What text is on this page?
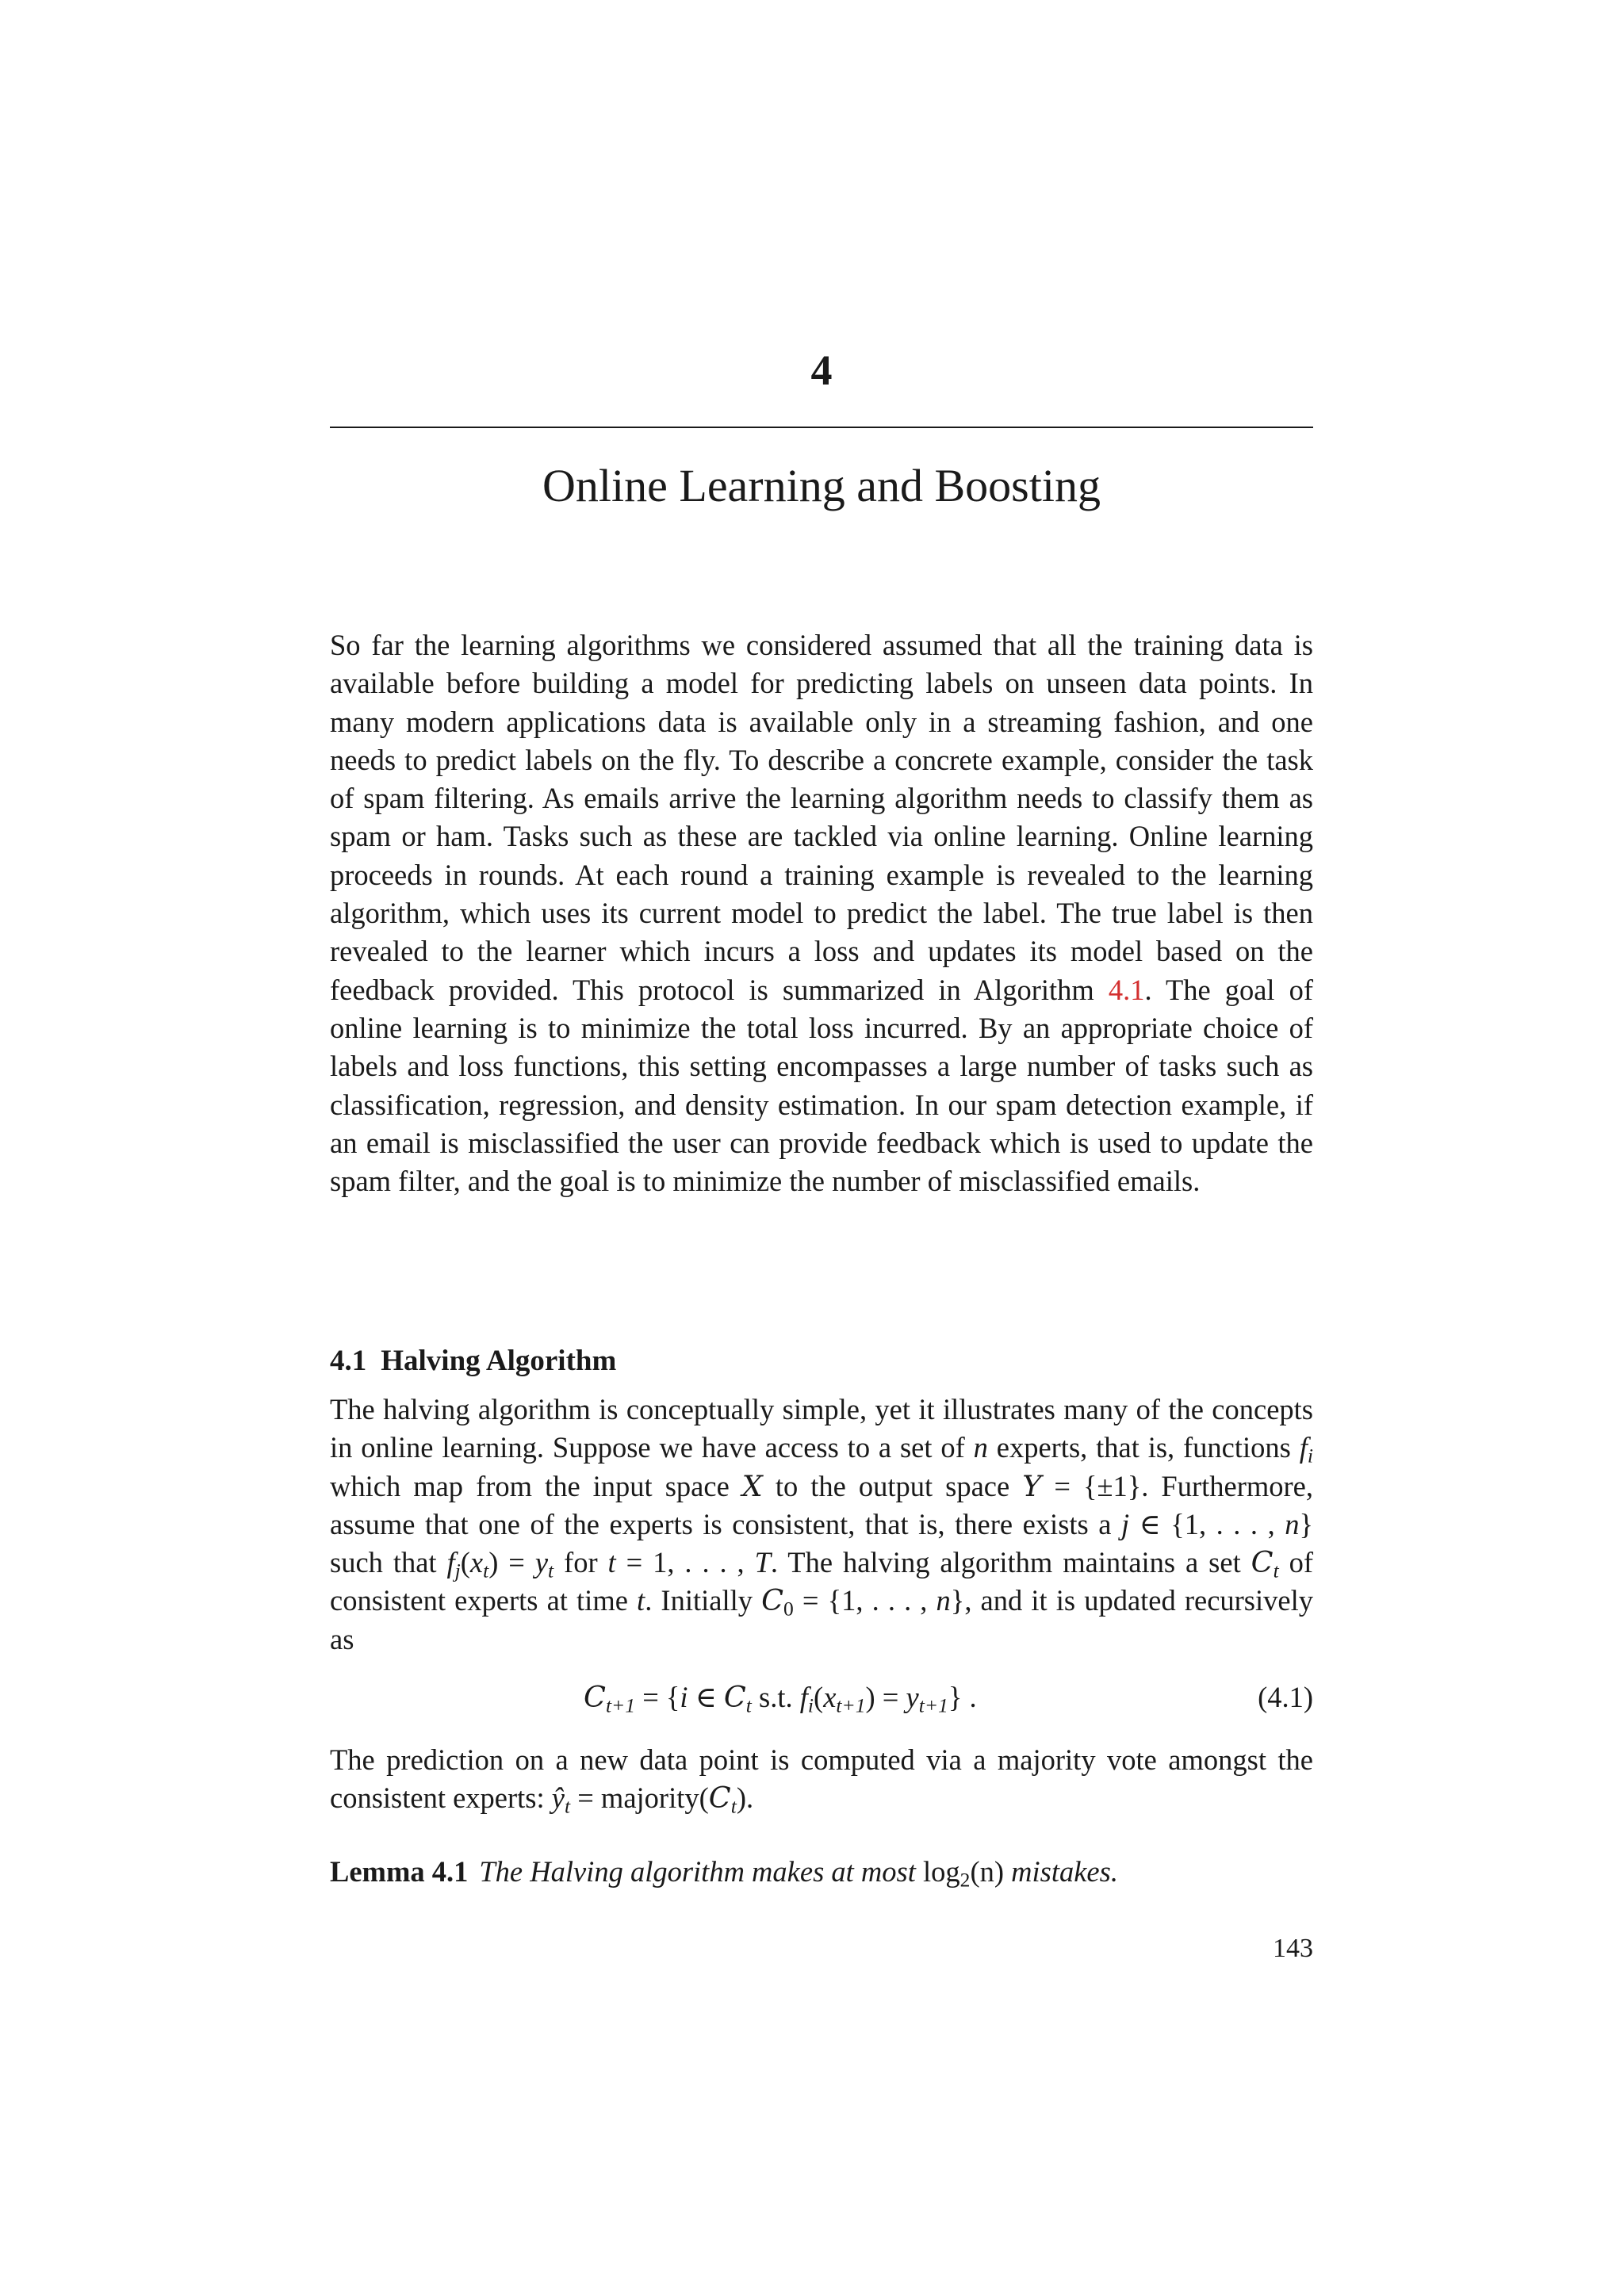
4
Online Learning and Boosting

So far the learning algorithms we considered assumed that all the training data is available before building a model for predicting labels on unseen data points. In many modern applications data is available only in a streaming fashion, and one needs to predict labels on the fly. To describe a concrete example, consider the task of spam filtering. As emails arrive the learning algorithm needs to classify them as spam or ham. Tasks such as these are tackled via online learning. Online learning proceeds in rounds. At each round a training example is revealed to the learning algorithm, which uses its current model to predict the label. The true label is then revealed to the learner which incurs a loss and updates its model based on the feedback provided. This protocol is summarized in Algorithm 4.1. The goal of online learning is to minimize the total loss incurred. By an appropriate choice of labels and loss functions, this setting encompasses a large number of tasks such as classification, regression, and density estimation. In our spam detection example, if an email is misclassified the user can provide feedback which is used to update the spam filter, and the goal is to minimize the number of misclassified emails.

4.1 Halving Algorithm

The halving algorithm is conceptually simple, yet it illustrates many of the concepts in online learning. Suppose we have access to a set of n experts, that is, functions $f_i$ which map from the input space X to the output space Y = {±1}. Furthermore, assume that one of the experts is consistent, that is, there exists a j ∈ {1, . . . , n} such that $f_j(x_t) = y_t$ for t = 1, . . . , T. The halving algorithm maintains a set $C_t$ of consistent experts at time t. Initially $C_0 = \{1$, . . . , n}, and it is updated recursively as

$C_{t+1} = \{i$ ∈ $C_t$ s.t. $f_i(x_{t+1}) = y_{t+1}$} .	(4.1)

The prediction on a new data point is computed via a majority vote amongst the consistent experts: $ŷ_t$ = $majority(C_t)$.

Lemma 4.1 The Halving algorithm makes at most $\log_2(n)$ mistakes.
143
